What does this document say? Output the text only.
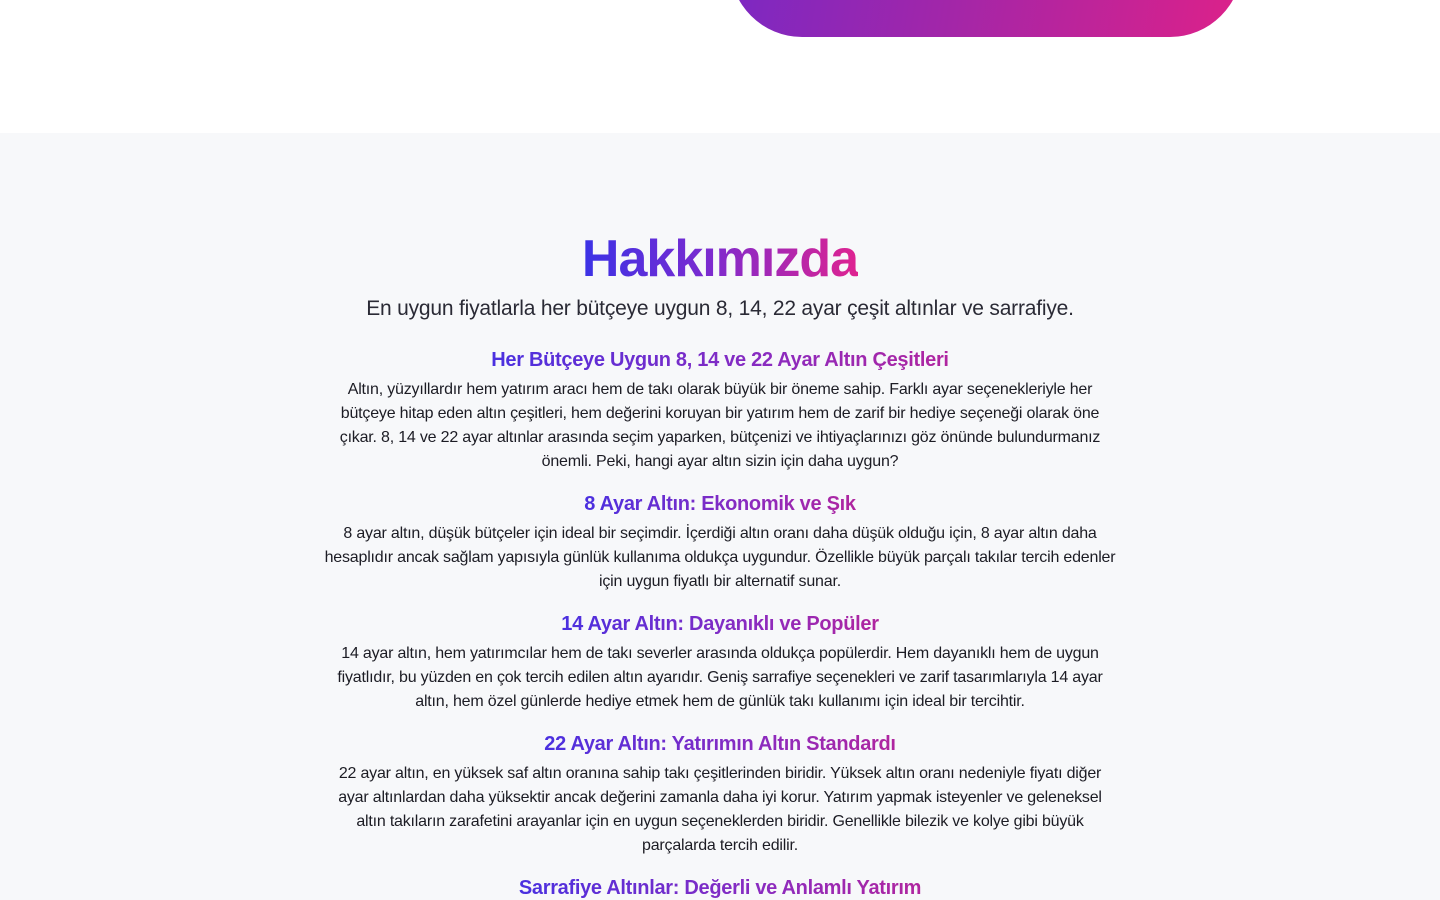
Hakkımızda

En uygun fiyatlarla her bütçeye uygun 8, 14, 22 ayar çeşit altınlar ve sarrafiye.

Her Bütçeye Uygun 8, 14 ve 22 Ayar Altın Çeşitleri

Altın, yüzyıllardır hem yatırım aracı hem de takı olarak büyük bir öneme sahip. Farklı ayar seçenekleriyle her bütçeye hitap eden altın çeşitleri, hem değerini koruyan bir yatırım hem de zarif bir hediye seçeneği olarak öne çıkar. 8, 14 ve 22 ayar altınlar arasında seçim yaparken, bütçenizi ve ihtiyaçlarınızı göz önünde bulundurmanız önemli. Peki, hangi ayar altın sizin için daha uygun?

8 Ayar Altın: Ekonomik ve Şık

8 ayar altın, düşük bütçeler için ideal bir seçimdir. İçerdiği altın oranı daha düşük olduğu için, 8 ayar altın daha hesaplıdır ancak sağlam yapısıyla günlük kullanıma oldukça uygundur. Özellikle büyük parçalı takılar tercih edenler için uygun fiyatlı bir alternatif sunar.

14 Ayar Altın: Dayanıklı ve Popüler

14 ayar altın, hem yatırımcılar hem de takı severler arasında oldukça popülerdir. Hem dayanıklı hem de uygun fiyatlıdır, bu yüzden en çok tercih edilen altın ayarıdır. Geniş sarrafiye seçenekleri ve zarif tasarımlarıyla 14 ayar altın, hem özel günlerde hediye etmek hem de günlük takı kullanımı için ideal bir tercihtir.

22 Ayar Altın: Yatırımın Altın Standardı

22 ayar altın, en yüksek saf altın oranına sahip takı çeşitlerinden biridir. Yüksek altın oranı nedeniyle fiyatı diğer ayar altınlardan daha yüksektir ancak değerini zamanla daha iyi korur. Yatırım yapmak isteyenler ve geleneksel altın takıların zarafetini arayanlar için en uygun seçeneklerden biridir. Genellikle bilezik ve kolye gibi büyük parçalarda tercih edilir.

Sarrafiye Altınlar: Değerli ve Anlamlı Yatırım
